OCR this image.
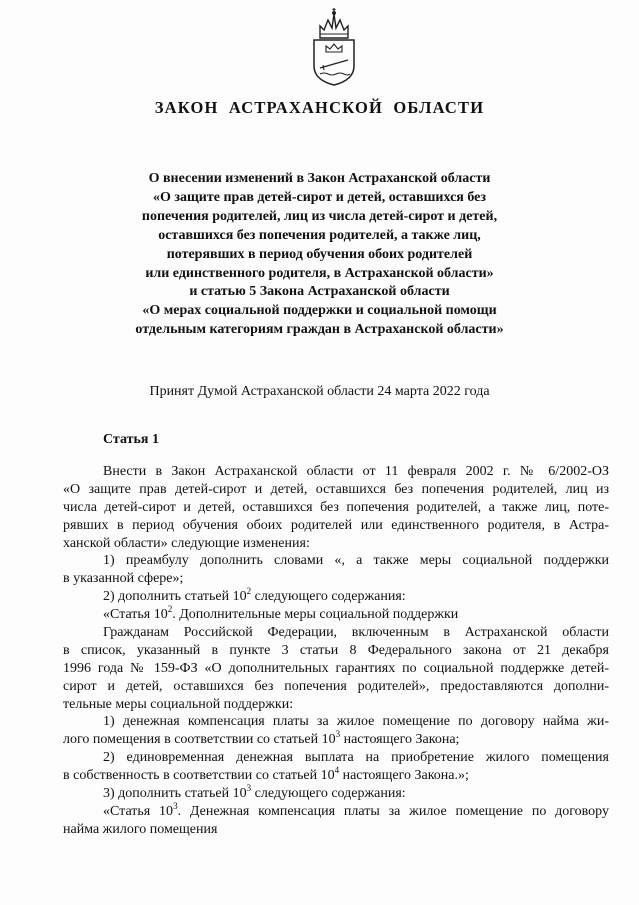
ЗАКОН АСТРАХАНСКОЙ ОБЛАСТИ
О внесении изменений в Закон Астраханской области
«О защите прав детей-сирот и детей, оставшихся без
попечения родителей, лиц из числа детей-сирот и детей,
оставшихся без попечения родителей, а также лиц,
потерявших в период обучения обоих родителей
или единственного родителя, в Астраханской области»
и статью 5 Закона Астраханской области
«О мерах социальной поддержки и социальной помощи
отдельным категориям граждан в Астраханской области»
Принят Думой Астраханской области 24 марта 2022 года
Статья 1
Внести в Закон Астраханской области от 11 февраля 2002 г. № 6/2002-ОЗ
«О защите прав детей-сирот и детей, оставшихся без попечения родителей, лиц из
числа детей-сирот и детей, оставшихся без попечения родителей, а также лиц, поте-
рявших в период обучения обоих родителей или единственного родителя, в Астра-
ханской области» следующие изменения:
1) преамбулу дополнить словами «, а также меры социальной поддержки
в указанной сфере»;
2) дополнить статьей $10^2$ следующего содержания:
«Статья $10^2$. Дополнительные меры социальной поддержки
Гражданам Российской Федерации, включенным в Астраханской области
в список, указанный в пункте 3 статьи 8 Федерального закона от 21 декабря
1996 года № 159-ФЗ «О дополнительных гарантиях по социальной поддержке детей-
сирот и детей, оставшихся без попечения родителей», предоставляются дополни-
тельные меры социальной поддержки:
1) денежная компенсация платы за жилое помещение по договору найма жи-
лого помещения в соответствии со статьей $10^3$ настоящего Закона;
2) единовременная денежная выплата на приобретение жилого помещения
в собственность в соответствии со статьей $10^4$ настоящего Закона.»;
3) дополнить статьей $10^3$ следующего содержания:
«Статья $10^3$. Денежная компенсация платы за жилое помещение по договору
найма жилого помещения
